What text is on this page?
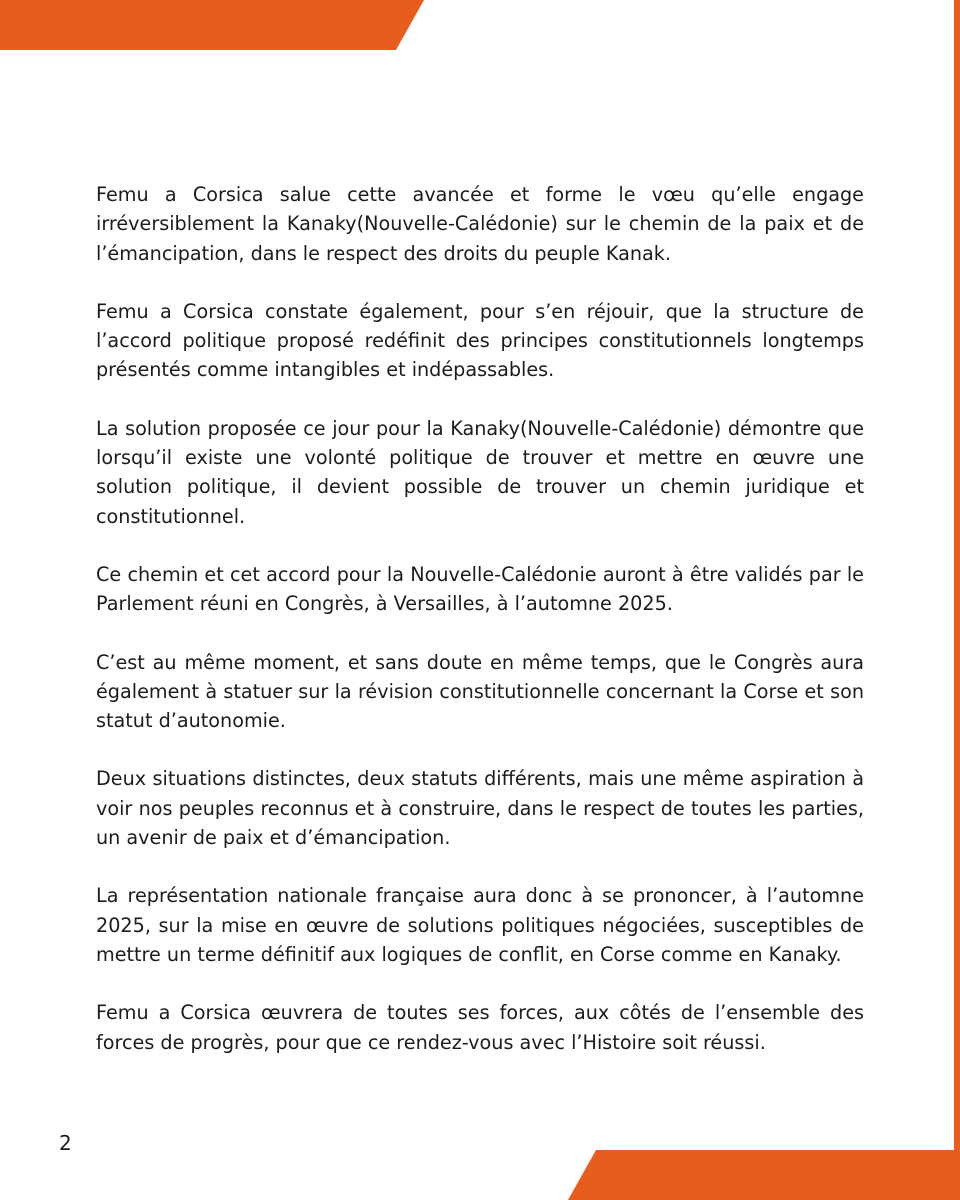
Femu a Corsica salue cette avancée et forme le vœu qu’elle engage irréversiblement la Kanaky(Nouvelle-Calédonie) sur le chemin de la paix et de l’émancipation, dans le respect des droits du peuple Kanak.

Femu a Corsica constate également, pour s’en réjouir, que la structure de l’accord politique proposé redéfinit des principes constitutionnels longtemps présentés comme intangibles et indépassables.

La solution proposée ce jour pour la Kanaky(Nouvelle-Calédonie) démontre que lorsqu’il existe une volonté politique de trouver et mettre en œuvre une solution politique, il devient possible de trouver un chemin juridique et constitutionnel.

Ce chemin et cet accord pour la Nouvelle-Calédonie auront à être validés par le Parlement réuni en Congrès, à Versailles, à l’automne 2025.

C’est au même moment, et sans doute en même temps, que le Congrès aura également à statuer sur la révision constitutionnelle concernant la Corse et son statut d’autonomie.

Deux situations distinctes, deux statuts différents, mais une même aspiration à voir nos peuples reconnus et à construire, dans le respect de toutes les parties, un avenir de paix et d’émancipation.

La représentation nationale française aura donc à se prononcer, à l’automne 2025, sur la mise en œuvre de solutions politiques négociées, susceptibles de mettre un terme définitif aux logiques de conflit, en Corse comme en Kanaky.

Femu a Corsica œuvrera de toutes ses forces, aux côtés de l’ensemble des forces de progrès, pour que ce rendez-vous avec l’Histoire soit réussi.

2
